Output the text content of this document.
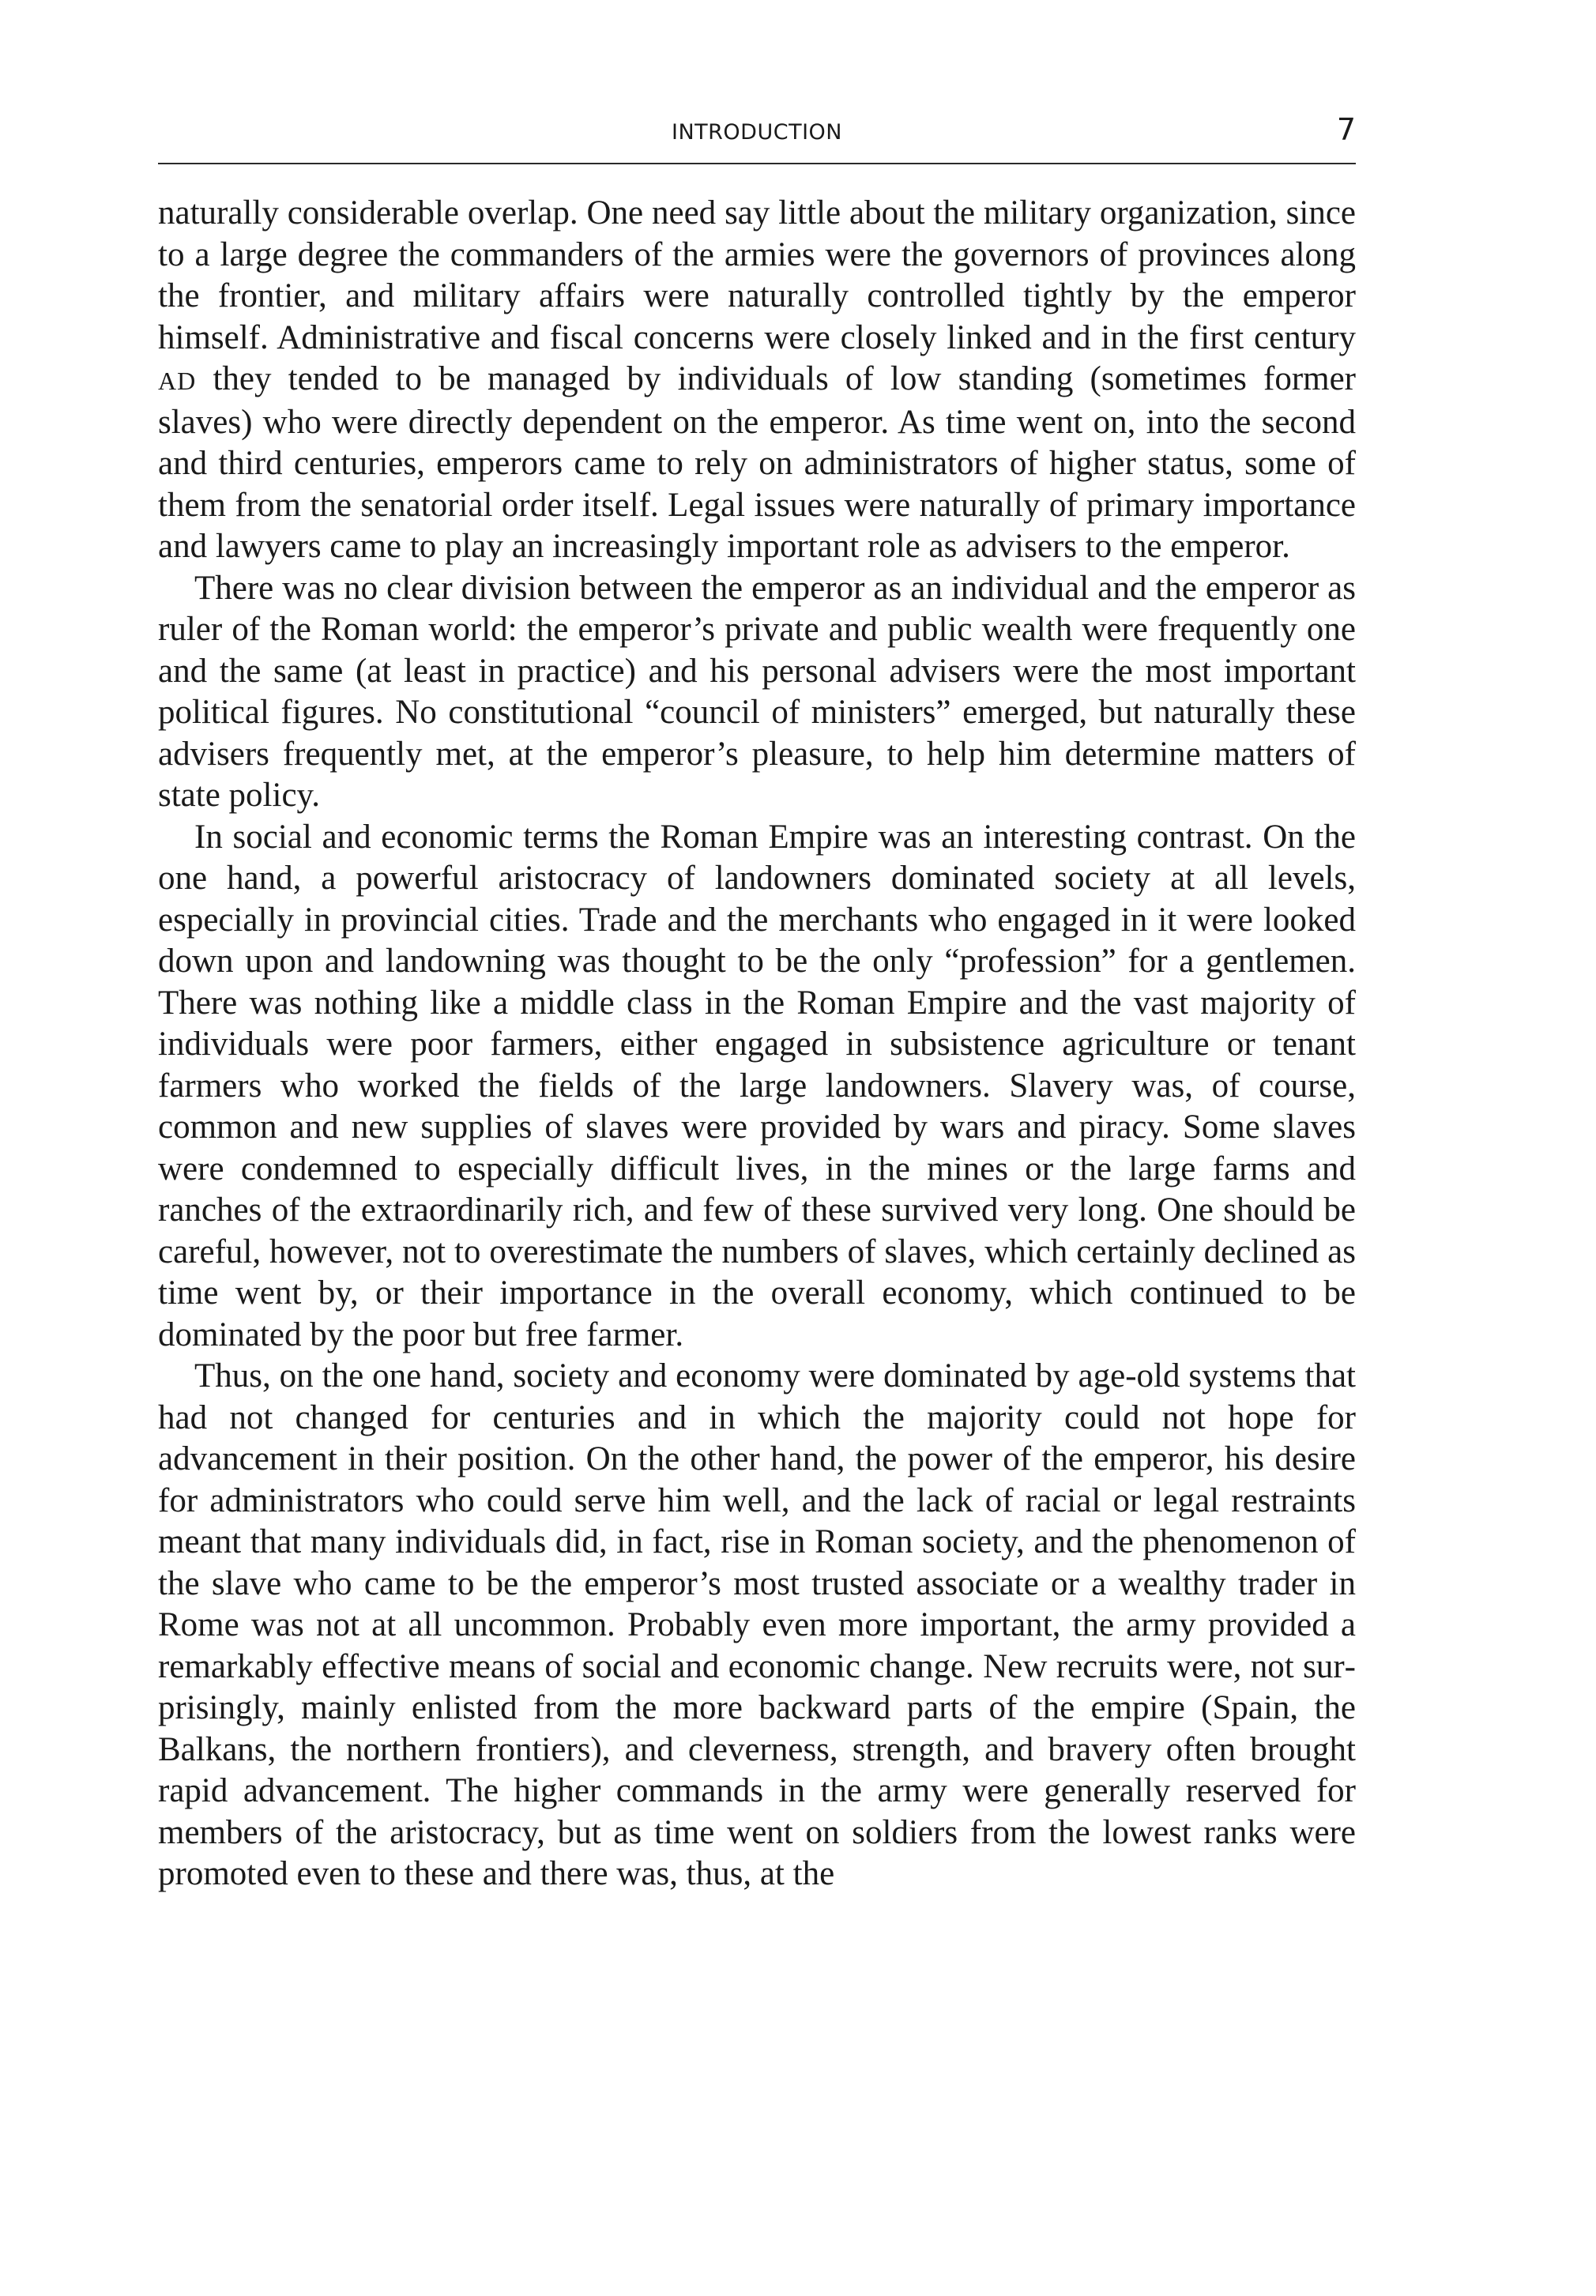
INTRODUCTION	7

naturally considerable overlap. One need say little about the military organization, since to a large degree the commanders of the armies were the governors of provinces along the frontier, and military affairs were naturally controlled tightly by the emperor himself. Administrative and fiscal concerns were closely linked and in the first century AD they tended to be managed by individuals of low standing (sometimes former slaves) who were directly dependent on the emperor. As time went on, into the second and third centuries, emperors came to rely on administrators of higher status, some of them from the senatorial order itself. Legal issues were naturally of primary importance and lawyers came to play an increasingly important role as advisers to the emperor.

There was no clear division between the emperor as an individual and the emperor as ruler of the Roman world: the emperor’s private and public wealth were frequently one and the same (at least in practice) and his personal advisers were the most important political figures. No constitutional “council of ministers” emerged, but naturally these advisers frequently met, at the emperor’s pleasure, to help him determine matters of state policy.

In social and economic terms the Roman Empire was an interesting contrast. On the one hand, a powerful aristocracy of landowners dominated society at all levels, especially in provincial cities. Trade and the merchants who engaged in it were looked down upon and landowning was thought to be the only “profession” for a gentlemen. There was nothing like a middle class in the Roman Empire and the vast majority of individuals were poor farmers, either engaged in subsistence agriculture or tenant farmers who worked the fields of the large landowners. Slavery was, of course, common and new supplies of slaves were provided by wars and piracy. Some slaves were condemned to especially difficult lives, in the mines or the large farms and ranches of the extraordinarily rich, and few of these survived very long. One should be careful, however, not to overestimate the numbers of slaves, which certainly declined as time went by, or their importance in the overall economy, which continued to be dominated by the poor but free farmer.

Thus, on the one hand, society and economy were dominated by age-old systems that had not changed for centuries and in which the majority could not hope for advancement in their position. On the other hand, the power of the emperor, his desire for administrators who could serve him well, and the lack of racial or legal restraints meant that many individuals did, in fact, rise in Roman society, and the phenomenon of the slave who came to be the emperor’s most trusted associate or a wealthy trader in Rome was not at all uncommon. Probably even more important, the army provided a remarkably effective means of social and economic change. New recruits were, not surprisingly, mainly enlisted from the more backward parts of the empire (Spain, the Balkans, the northern frontiers), and cleverness, strength, and bravery often brought rapid advancement. The higher commands in the army were generally reserved for members of the aristocracy, but as time went on soldiers from the lowest ranks were promoted even to these and there was, thus, at the
